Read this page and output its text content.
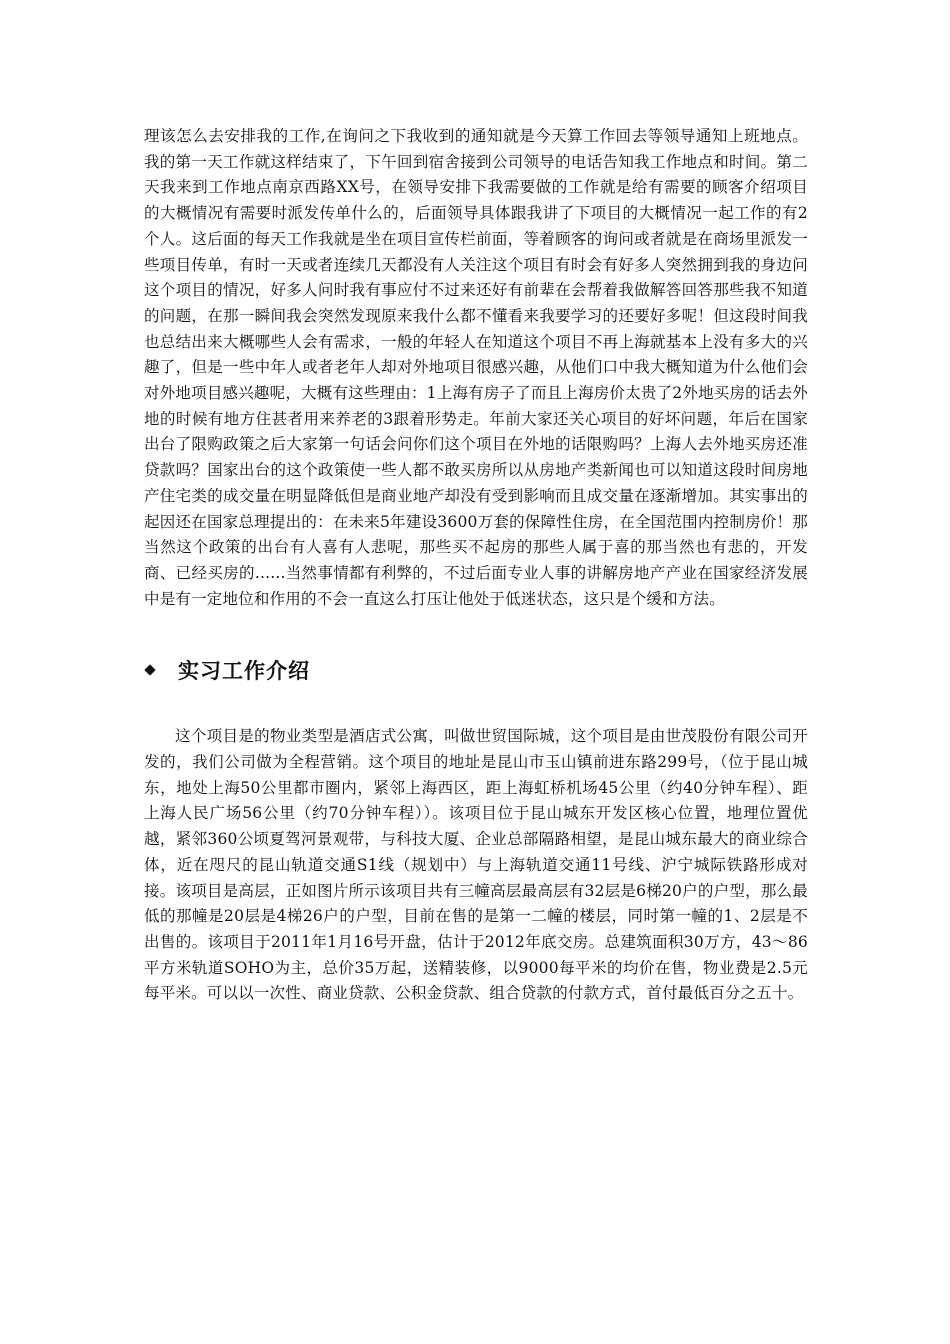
理该怎么去安排我的工作,在询问之下我收到的通知就是今天算工作回去等领导通知上班地点。我的第一天工作就这样结束了，下午回到宿舍接到公司领导的电话告知我工作地点和时间。第二天我来到工作地点南京西路XX号，在领导安排下我需要做的工作就是给有需要的顾客介绍项目的大概情况有需要时派发传单什么的，后面领导具体跟我讲了下项目的大概情况一起工作的有2个人。这后面的每天工作我就是坐在项目宣传栏前面，等着顾客的询问或者就是在商场里派发一些项目传单，有时一天或者连续几天都没有人关注这个项目有时会有好多人突然拥到我的身边问这个项目的情况，好多人问时我有事应付不过来还好有前辈在会帮着我做解答回答那些我不知道的问题，在那一瞬间我会突然发现原来我什么都不懂看来我要学习的还要好多呢！但这段时间我也总结出来大概哪些人会有需求，一般的年轻人在知道这个项目不再上海就基本上没有多大的兴趣了，但是一些中年人或者老年人却对外地项目很感兴趣，从他们口中我大概知道为什么他们会对外地项目感兴趣呢，大概有这些理由：1上海有房子了而且上海房价太贵了2外地买房的话去外地的时候有地方住甚者用来养老的3跟着形势走。年前大家还关心项目的好坏问题，年后在国家出台了限购政策之后大家第一句话会问你们这个项目在外地的话限购吗？上海人去外地买房还准贷款吗？国家出台的这个政策使一些人都不敢买房所以从房地产类新闻也可以知道这段时间房地产住宅类的成交量在明显降低但是商业地产却没有受到影响而且成交量在逐渐增加。其实事出的起因还在国家总理提出的：在未来5年建设3600万套的保障性住房，在全国范围内控制房价！那当然这个政策的出台有人喜有人悲呢，那些买不起房的那些人属于喜的那当然也有悲的，开发商、已经买房的......当然事情都有利弊的，不过后面专业人事的讲解房地产产业在国家经济发展中是有一定地位和作用的不会一直这么打压让他处于低迷状态，这只是个缓和方法。

实习工作介绍

这个项目是的物业类型是酒店式公寓，叫做世贸国际城，这个项目是由世茂股份有限公司开发的，我们公司做为全程营销。这个项目的地址是昆山市玉山镇前进东路299号，（位于昆山城东，地处上海50公里都市圈内，紧邻上海西区，距上海虹桥机场45公里（约40分钟车程）、距上海人民广场56公里（约70分钟车程））。该项目位于昆山城东开发区核心位置，地理位置优越，紧邻360公顷夏驾河景观带，与科技大厦、企业总部隔路相望，是昆山城东最大的商业综合体，近在咫尺的昆山轨道交通S1线（规划中）与上海轨道交通11号线、沪宁城际铁路形成对接。该项目是高层，正如图片所示该项目共有三幢高层最高层有32层是6梯20户的户型，那么最低的那幢是20层是4梯26户的户型，目前在售的是第一二幢的楼层，同时第一幢的1、2层是不出售的。该项目于2011年1月16号开盘，估计于2012年底交房。总建筑面积30万方，43～86平方米轨道SOHO为主，总价35万起，送精装修，以9000每平米的均价在售，物业费是2.5元每平米。可以以一次性、商业贷款、公积金贷款、组合贷款的付款方式，首付最低百分之五十。
